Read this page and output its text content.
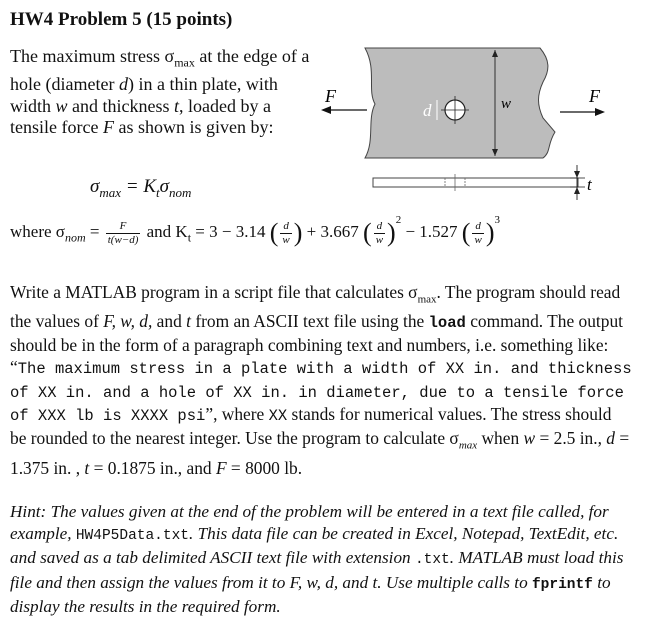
HW4 Problem 5 (15 points)
The maximum stress $\sigma_{max}$ at the edge of a hole (diameter d) in a thin plate, with width w and thickness t, loaded by a tensile force F as shown is given by:
F	F
d	w
t
$\sigma_{max} = K_t\sigma_{nom}$
where $\sigma_{nom} = \frac{F}{t(w-d)}$ and $K_t = 3 - 3.14$ ( $\frac{d}{w}$ ) + 3.667 ( $\frac{d}{w} )^2 - 1.527$ ( $\frac{d}{w} )^3$
Write a MATLAB program in a script file that calculates $\sigma_{max}$. The program should read the values of F, w, d, and t from an ASCII text file using the load command. The output should be in the form of a paragraph combining text and numbers, i.e. something like: “The maximum stress in a plate with a width of XX in. and thickness of XX in. and a hole of XX in. in diameter, due to a tensile force of XXX lb is XXXX psi”, where XX stands for numerical values. The stress should be rounded to the nearest integer. Use the program to calculate $\sigma_{max}$ when w = 2.5 in., d = 1.375 in. , t = 0.1875 in., and F = 8000 lb.
Hint: The values given at the end of the problem will be entered in a text file called, for example, HW4P5Data.txt. This data file can be created in Excel, Notepad, TextEdit, etc. and saved as a tab delimited ASCII text file with extension .txt. MATLAB must load this file and then assign the values from it to F, w, d, and t. Use multiple calls to fprintf to display the results in the required form.
